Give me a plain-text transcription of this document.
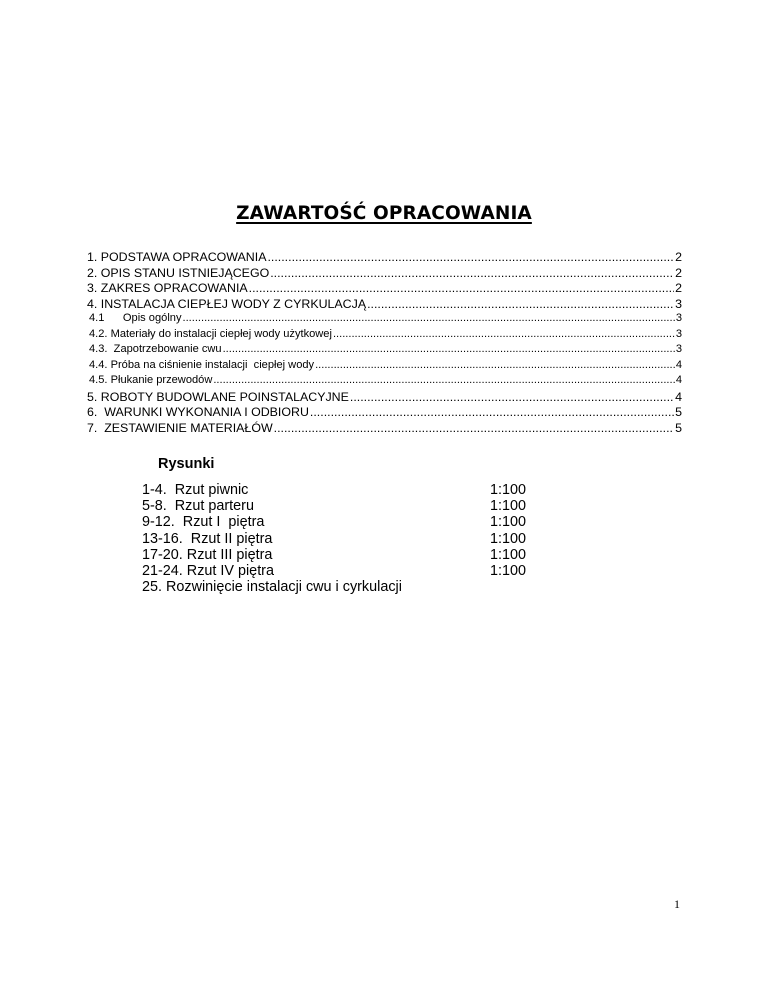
ZAWARTOŚĆ OPRACOWANIA
1. PODSTAWA OPRACOWANIA .....	2
2. OPIS STANU ISTNIEJĄCEGO .....	2
3. ZAKRES OPRACOWANIA .....	2
4. INSTALACJA CIEPŁEJ WODY Z CYRKULACJĄ .....	3
4.1      Opis ogólny .....	3
4.2. Materiały do instalacji ciepłej wody użytkowej .....	3
4.3.  Zapotrzebowanie cwu .....	3
4.4. Próba na ciśnienie instalacji  ciepłej wody .....	4
4.5. Płukanie przewodów .....	4
5. ROBOTY BUDOWLANE POINSTALACYJNE .....	4
6.  WARUNKI WYKONANIA I ODBIORU .....	5
7.  ZESTAWIENIE MATERIAŁÓW .....	5
Rysunki
1-4.  Rzut piwnic	1:100
5-8.  Rzut parteru	1:100
9-12.  Rzut I  piętra	1:100
13-16.  Rzut II piętra	1:100
17-20. Rzut III piętra	1:100
21-24. Rzut IV piętra	1:100
25. Rozwinięcie instalacji cwu i cyrkulacji
1
